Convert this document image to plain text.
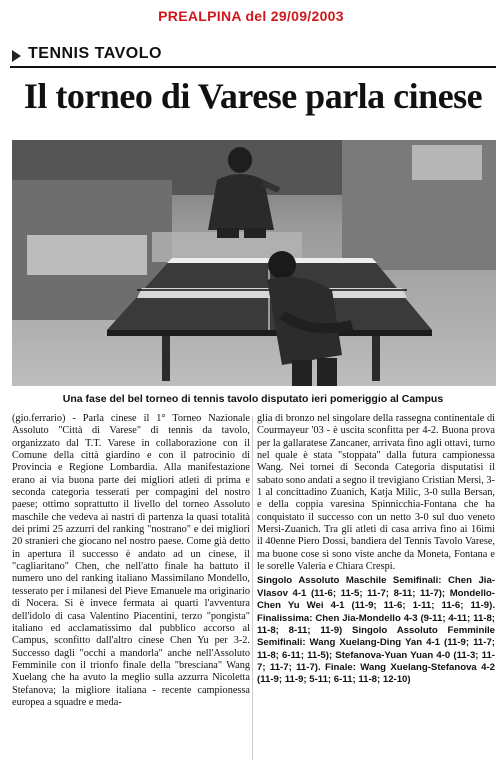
PREALPINA del 29/09/2003
TENNIS TAVOLO
Il torneo di Varese parla cinese
Una fase del bel torneo di tennis tavolo disputato ieri pomeriggio al Campus

(gio.ferrario) - Parla cinese il 1° Torneo Nazionale Assoluto "Città di Varese" di tennis da tavolo, organizzato dal T.T. Varese in collaborazione con il Comune della città giardino e con il patrocinio di Provincia e Regione Lombardia. Alla manifestazione erano ai via buona parte dei migliori atleti di prima e seconda categoria tesserati per compagini del nostro paese; ottimo soprattutto il livello del torneo Assoluto maschile che vedeva ai nastri di partenza la quasi totalità dei primi 25 azzurri del ranking "nostrano" e dei migliori 20 stranieri che giocano nel nostro paese. Come già detto in apertura il successo è andato ad un cinese, il "cagliaritano" Chen, che nell'atto finale ha battuto il numero uno del ranking italiano Massimilano Mondello, tesserato per i milanesi del Pieve Emanuele ma originario di Nocera. Si è invece fermata ai quarti l'avventura dell'idolo di casa Valentino Piacentini, terzo "pongista" italiano ed acclamatissimo dal pubblico accorso al Campus, sconfitto dall'altro cinese Chen Yu per 3-2. Successo dagli "occhi a mandorla" anche nell'Assoluto Femminile con il trionfo finale della "bresciana" Wang Xuelang che ha avuto la meglio sulla azzurra Nicoletta Stefanova; la migliore italiana - recente campionessa europea a squadre e meda-

glia di bronzo nel singolare della rassegna continentale di Courmayeur '03 - è uscita sconfitta per 4-2. Buona prova per la gallaratese Zancaner, arrivata fino agli ottavi, turno nel quale è stata "stoppata" dalla futura campionessa Wang. Nei tornei di Seconda Categoria disputatisi il sabato sono andati a segno il trevigiano Cristian Mersi, 3-1 al concittadino Zuanich, Katja Milic, 3-0 sulla Bersan, e della coppia varesina Spinnicchia-Fontana che ha conquistato il successo con un netto 3-0 sul duo veneto Mersi-Zuanich. Tra gli atleti di casa arriva fino ai 16imi il 40enne Piero Dossi, bandiera del Tennis Tavolo Varese, ma buone cose si sono viste anche da Moneta, Fontana e le sorelle Valeria e Chiara Crespi.

Singolo Assoluto Maschile Semifinali: Chen Jia-Vlasov 4-1 (11-6; 11-5; 11-7; 8-11; 11-7); Mondello-Chen Yu Wei 4-1 (11-9; 11-6; 1-11; 11-6; 11-9). Finalissima: Chen Jia-Mondello 4-3 (9-11; 4-11; 11-8; 11-8; 8-11; 11-9) Singolo Assoluto Femminile Semifinali: Wang Xuelang-Ding Yan 4-1 (11-9; 11-7; 11-8; 6-11; 11-5); Stefanova-Yuan Yuan 4-0 (11-3; 11-7; 11-7; 11-7). Finale: Wang Xuelang-Stefanova 4-2 (11-9; 11-9; 5-11; 6-11; 11-8; 12-10)
